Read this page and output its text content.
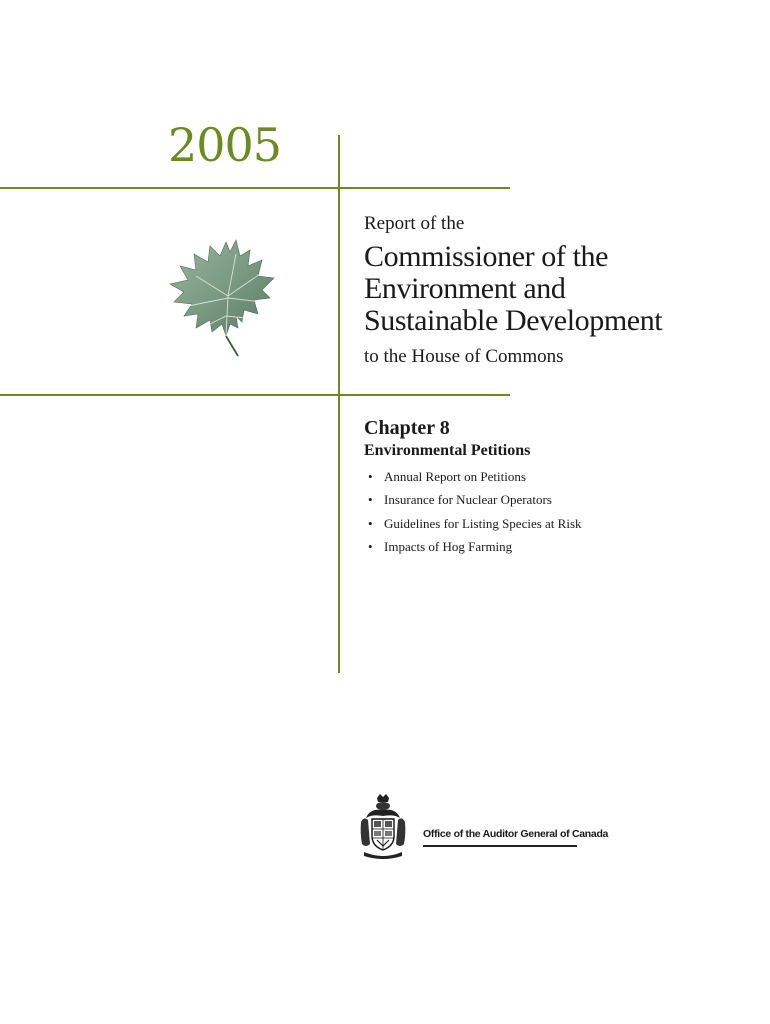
2005
Report of the
Commissioner of the
Environment and
Sustainable Development
to the House of Commons
Chapter 8
Environmental Petitions
• Annual Report on Petitions
• Insurance for Nuclear Operators
• Guidelines for Listing Species at Risk
• Impacts of Hog Farming
Office of the Auditor General of Canada
